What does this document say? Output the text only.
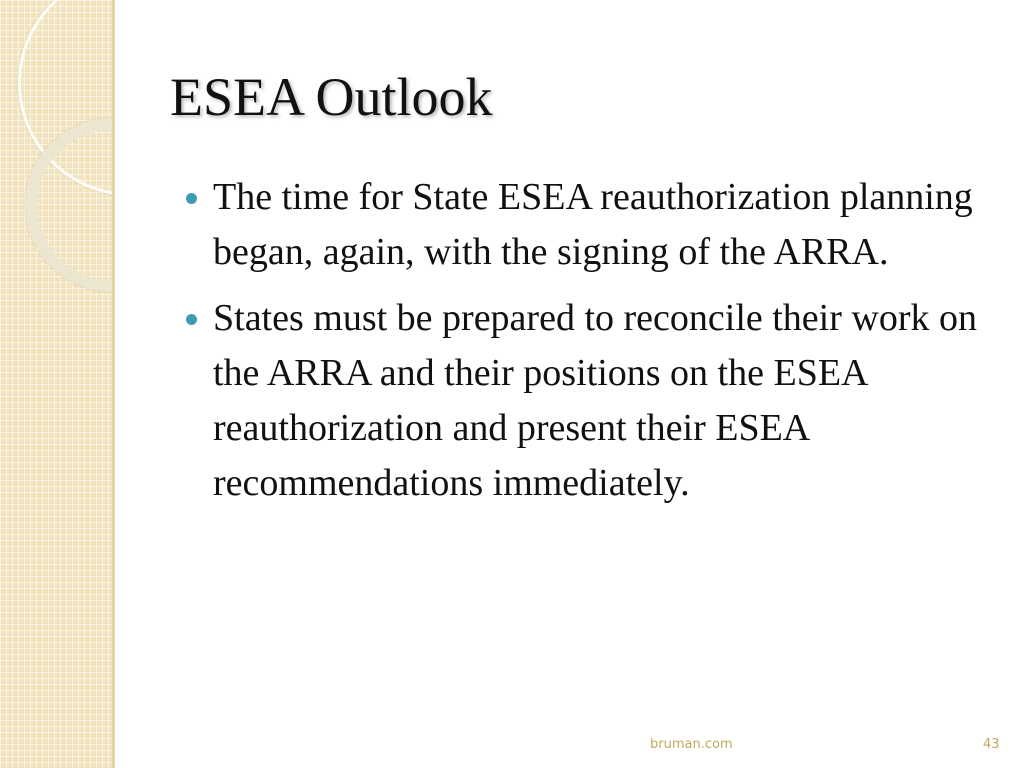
ESEA Outlook
The time for State ESEA reauthorization planning began, again, with the signing of the ARRA.
States must be prepared to reconcile their work on the ARRA and their positions on the ESEA reauthorization and present their ESEA recommendations immediately.
bruman.com	43
